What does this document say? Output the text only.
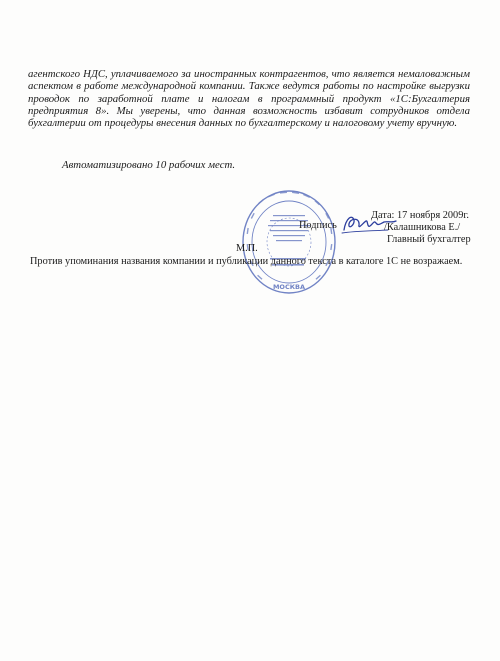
агентского НДС, уплачиваемого за иностранных контрагентов, что является немаловажным аспектом в работе международной компании. Также ведутся работы по настройке выгрузки проводок по заработной плате и налогам в программный продукт «1С:Бухгалтерия предприятия 8». Мы уверены, что данная возможность избавит сотрудников отдела бухгалтерии от процедуры внесения данных по бухгалтерскому и налоговому учету вручную.

Автоматизировано 10 рабочих мест.

МОСКВА
Дата: 17 ноября 2009г.
Подпись	/Калашникова Е./
Главный бухгалтер
М.П.
Против упоминания названия компании и публикации данного текста в каталоге 1С не возражаем.
